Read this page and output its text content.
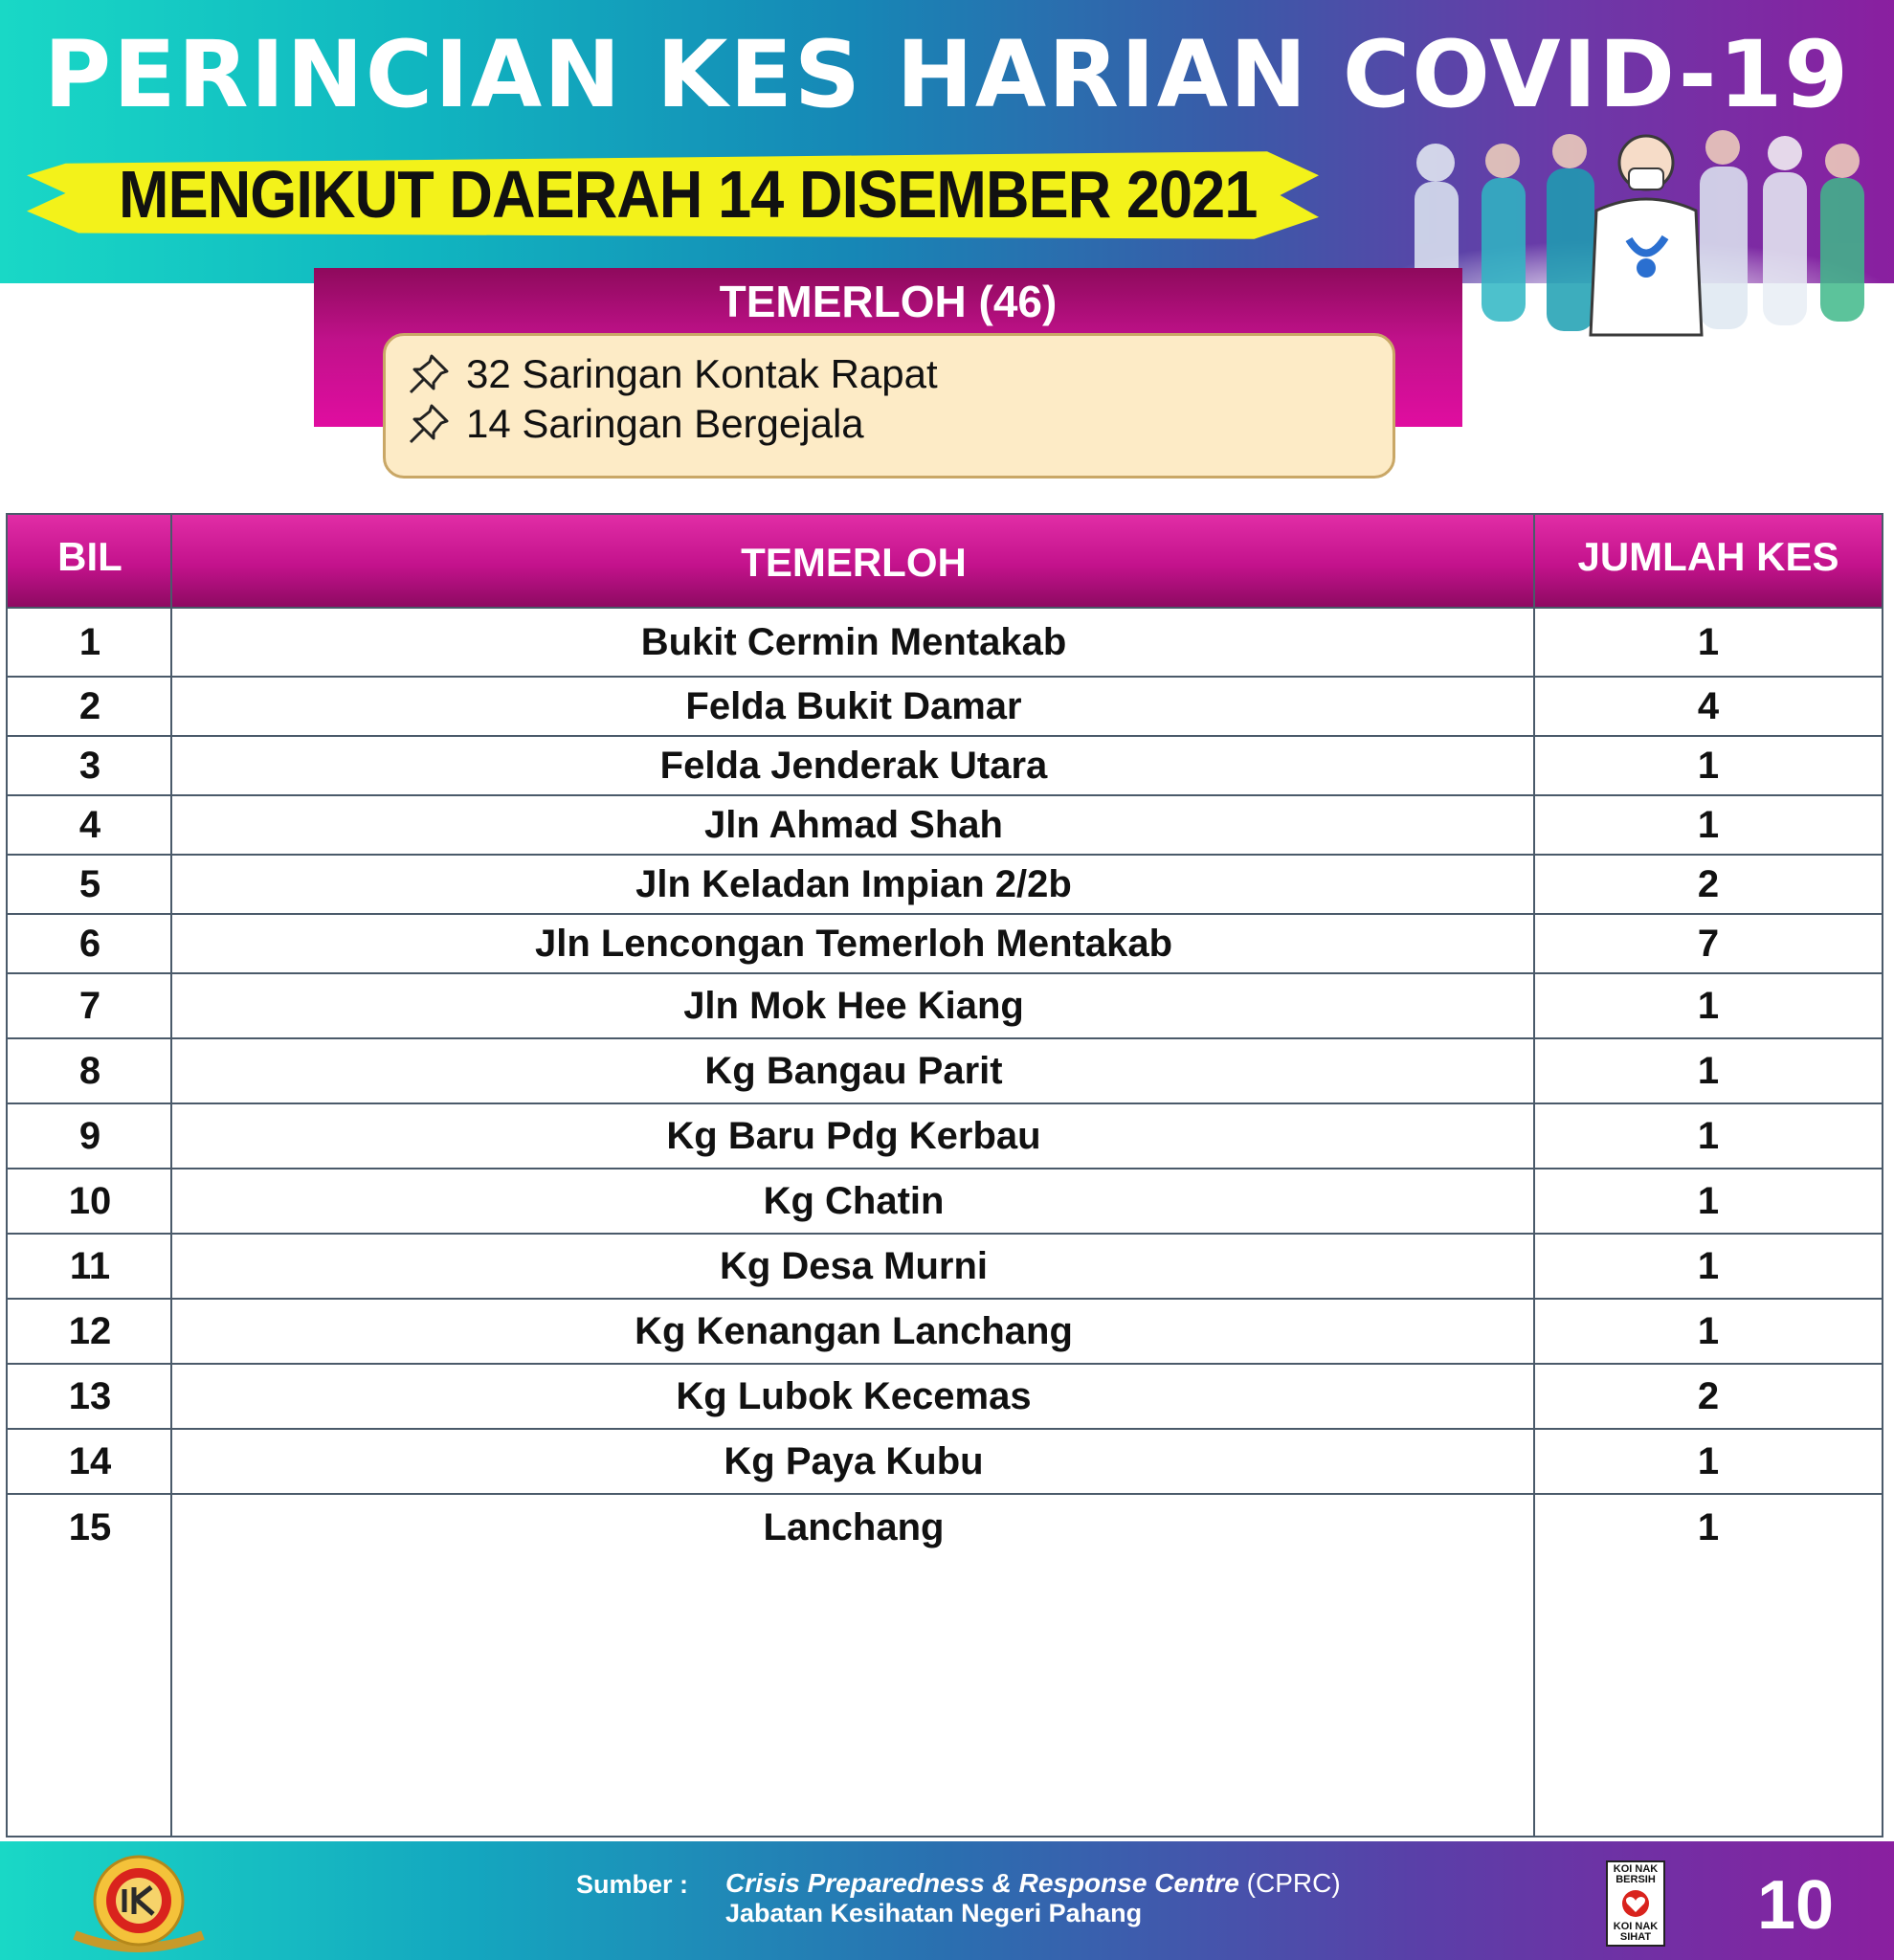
PERINCIAN KES HARIAN COVID-19
MENGIKUT DAERAH 14 DISEMBER 2021
TEMERLOH (46)
32 Saringan Kontak Rapat
14 Saringan Bergejala
BIL	TEMERLOH	JUMLAH KES
1	Bukit Cermin Mentakab	1
2	Felda Bukit Damar	4
3	Felda Jenderak Utara	1
4	Jln Ahmad Shah	1
5	Jln Keladan Impian 2/2b	2
6	Jln Lencongan Temerloh Mentakab	7
7	Jln Mok Hee Kiang	1
8	Kg Bangau Parit	1
9	Kg Baru Pdg Kerbau	1
10	Kg Chatin	1
11	Kg Desa Murni	1
12	Kg Kenangan Lanchang	1
13	Kg Lubok Kecemas	2
14	Kg Paya Kubu	1
15	Lanchang	1
Sumber : Crisis Preparedness & Response Centre (CPRC)
Jabatan Kesihatan Negeri Pahang
KOI NAK BERSIH
KOI NAK SIHAT 10
